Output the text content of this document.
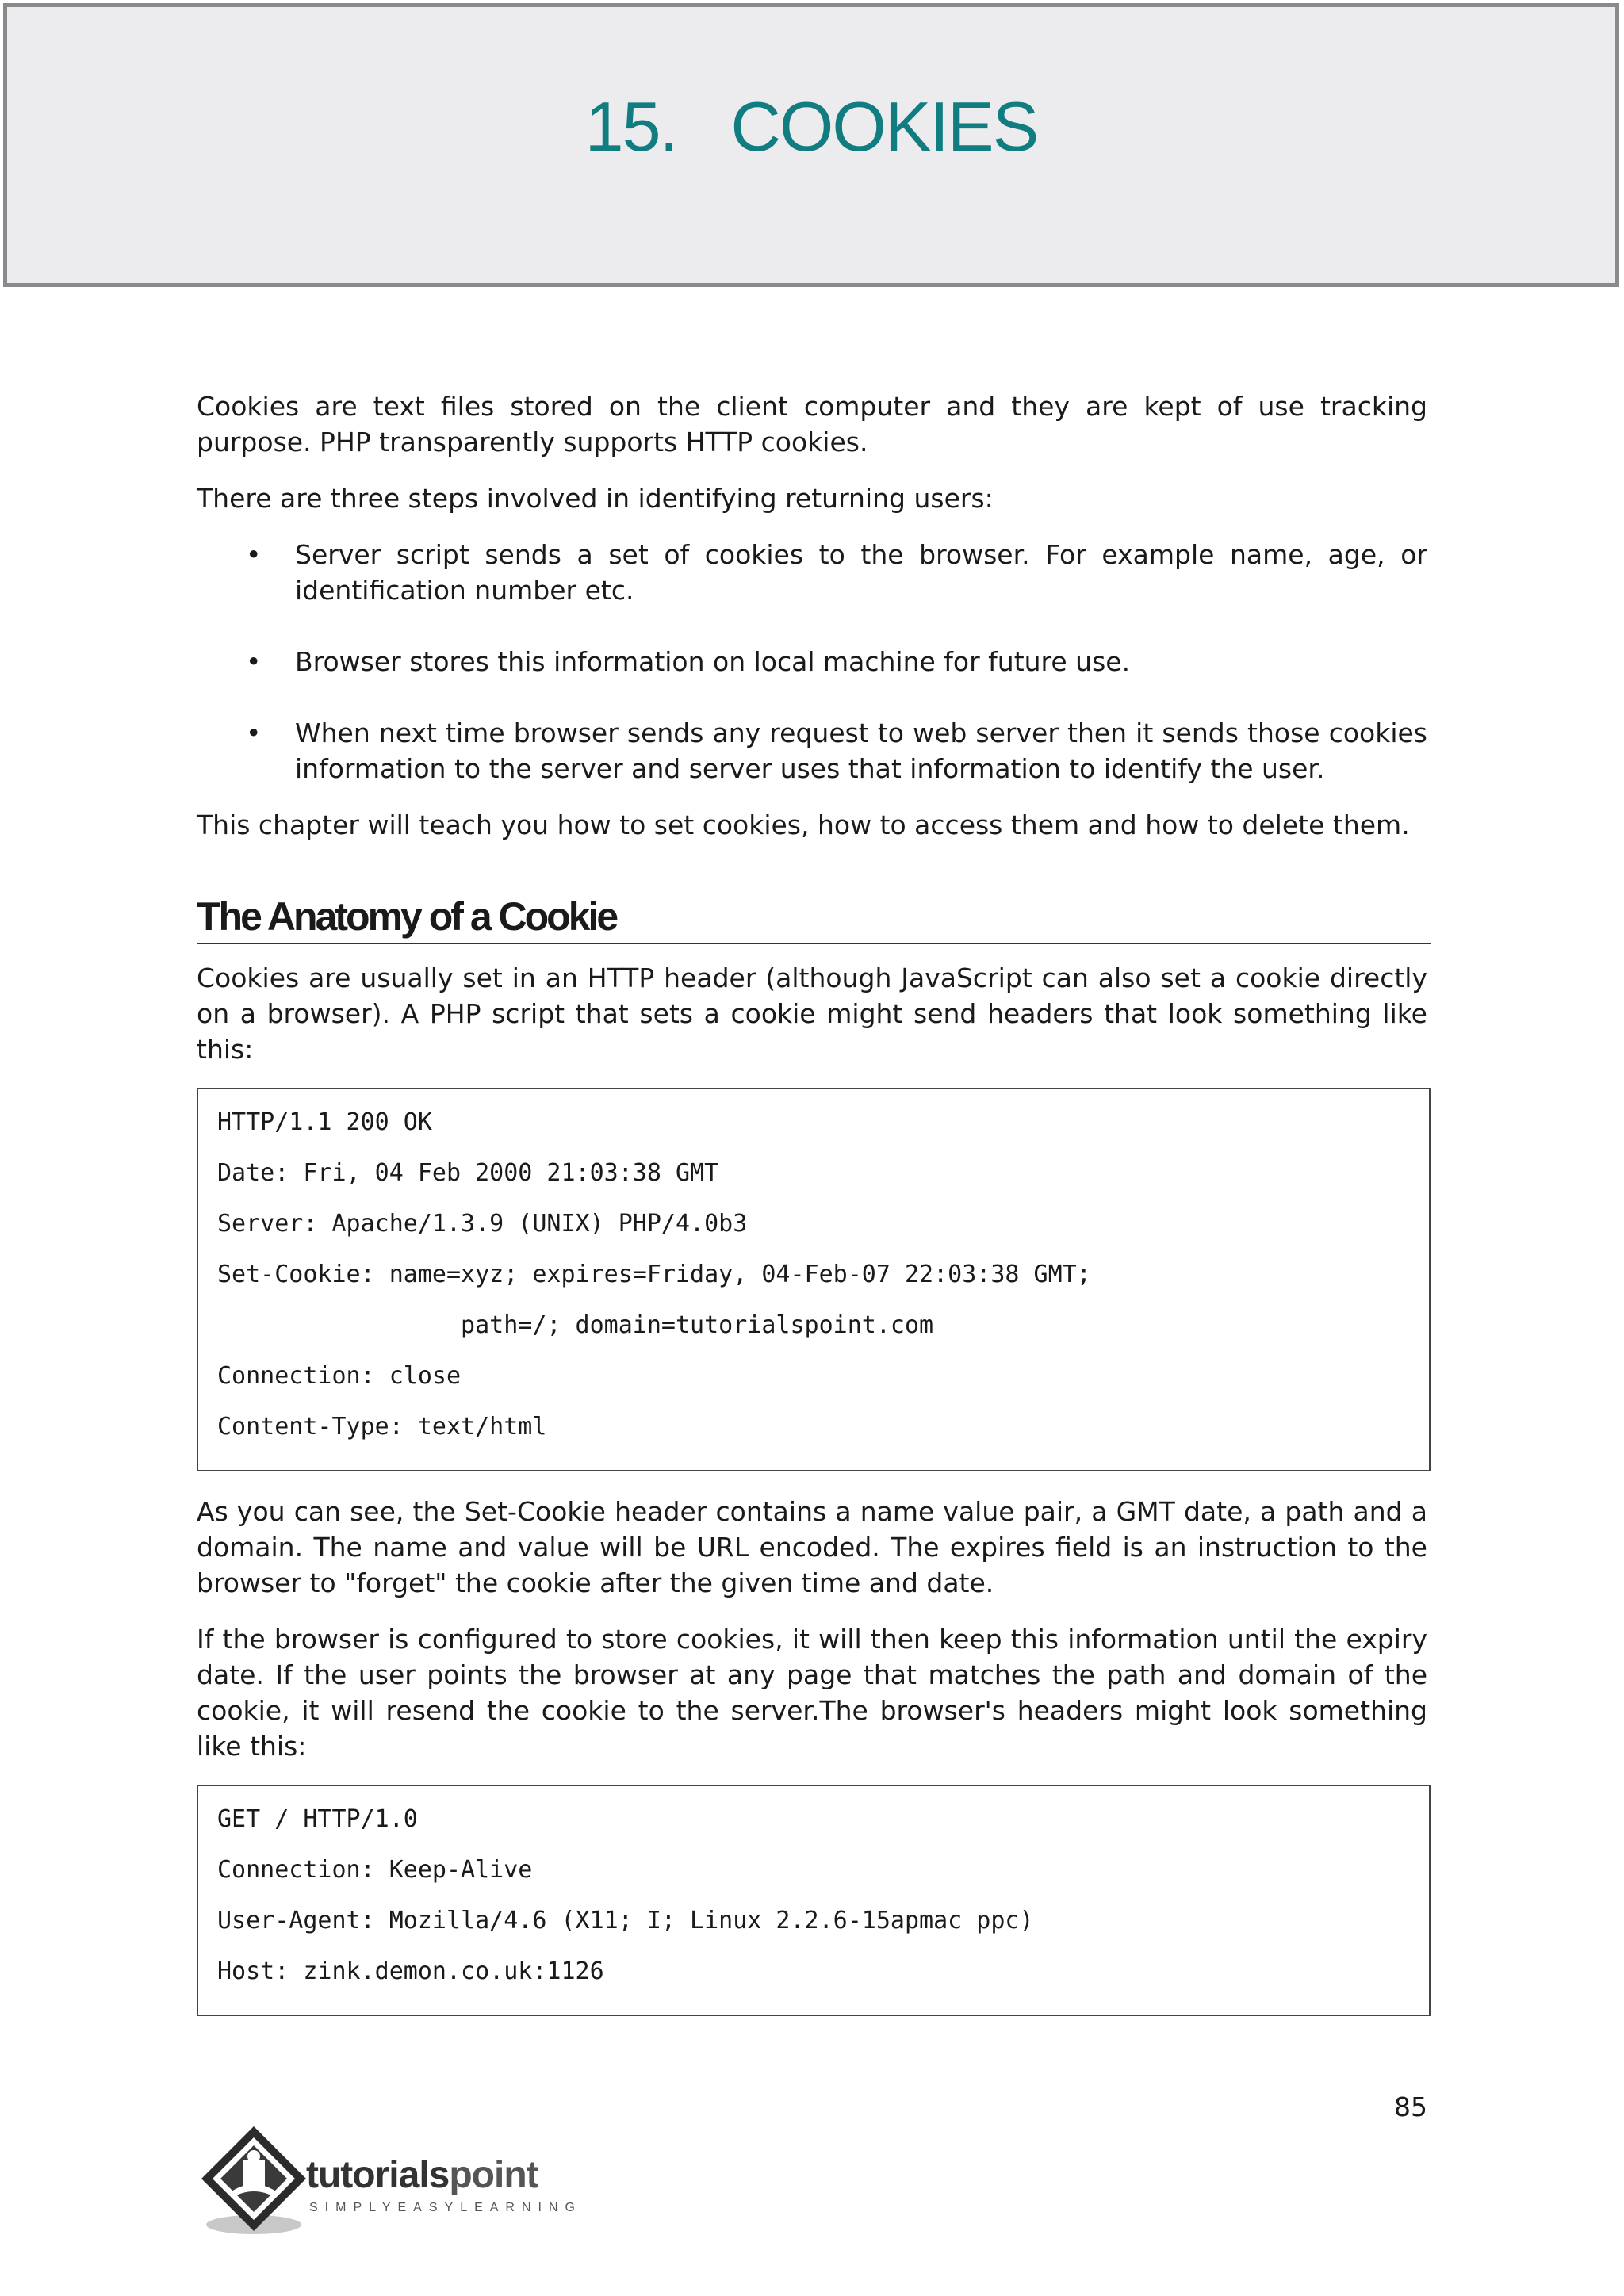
15.   COOKIES

Cookies are text files stored on the client computer and they are kept of use tracking purpose. PHP transparently supports HTTP cookies.

There are three steps involved in identifying returning users:

• Server script sends a set of cookies to the browser. For example name, age, or identification number etc.
• Browser stores this information on local machine for future use.
• When next time browser sends any request to web server then it sends those cookies information to the server and server uses that information to identify the user.

This chapter will teach you how to set cookies, how to access them and how to delete them.

The Anatomy of a Cookie

Cookies are usually set in an HTTP header (although JavaScript can also set a cookie directly on a browser). A PHP script that sets a cookie might send headers that look something like this:

HTTP/1.1 200 OK
Date: Fri, 04 Feb 2000 21:03:38 GMT
Server: Apache/1.3.9 (UNIX) PHP/4.0b3
Set-Cookie: name=xyz; expires=Friday, 04-Feb-07 22:03:38 GMT;
path=/; domain=tutorialspoint.com
Connection: close
Content-Type: text/html

As you can see, the Set-Cookie header contains a name value pair, a GMT date, a path and a domain. The name and value will be URL encoded. The expires field is an instruction to the browser to "forget" the cookie after the given time and date.

If the browser is configured to store cookies, it will then keep this information until the expiry date. If the user points the browser at any page that matches the path and domain of the cookie, it will resend the cookie to the server.The browser's headers might look something like this:

GET / HTTP/1.0
Connection: Keep-Alive
User-Agent: Mozilla/4.6 (X11; I; Linux 2.2.6-15apmac ppc)
Host: zink.demon.co.uk:1126
85
tutorialspoint
SIMPLYEASYLEARNING
